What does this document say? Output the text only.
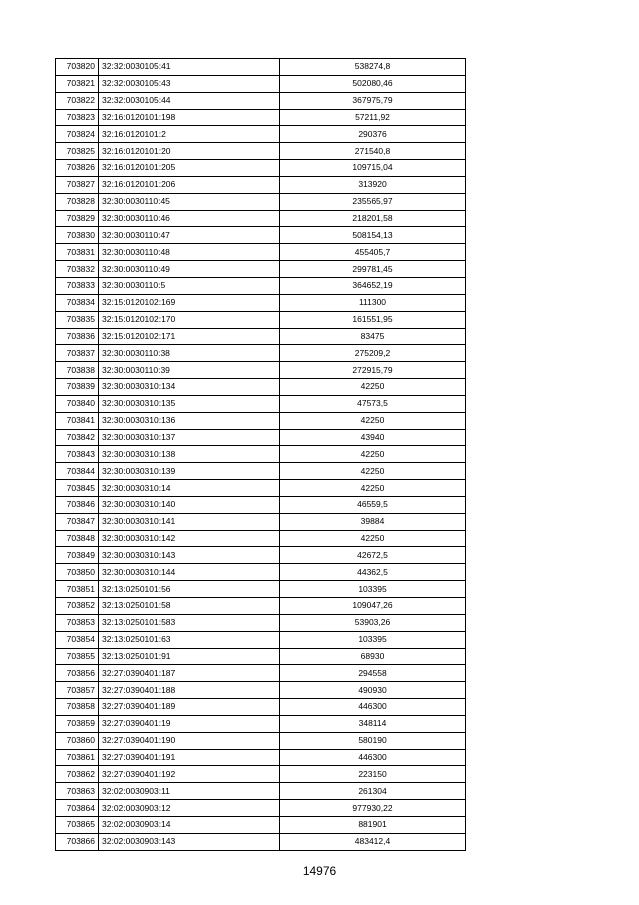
703820	32:32:0030105:41	538274,8
703821	32:32:0030105:43	502080,46
703822	32:32:0030105:44	367975,79
703823	32:16:0120101:198	57211,92
703824	32:16:0120101:2	290376
703825	32:16:0120101:20	271540,8
703826	32:16:0120101:205	109715,04
703827	32:16:0120101:206	313920
703828	32:30:0030110:45	235565,97
703829	32:30:0030110:46	218201,58
703830	32:30:0030110:47	508154,13
703831	32:30:0030110:48	455405,7
703832	32:30:0030110:49	299781,45
703833	32:30:0030110:5	364652,19
703834	32:15:0120102:169	111300
703835	32:15:0120102:170	161551,95
703836	32:15:0120102:171	83475
703837	32:30:0030110:38	275209,2
703838	32:30:0030110:39	272915,79
703839	32:30:0030310:134	42250
703840	32:30:0030310:135	47573,5
703841	32:30:0030310:136	42250
703842	32:30:0030310:137	43940
703843	32:30:0030310:138	42250
703844	32:30:0030310:139	42250
703845	32:30:0030310:14	42250
703846	32:30:0030310:140	46559,5
703847	32:30:0030310:141	39884
703848	32:30:0030310:142	42250
703849	32:30:0030310:143	42672,5
703850	32:30:0030310:144	44362,5
703851	32:13:0250101:56	103395
703852	32:13:0250101:58	109047,26
703853	32:13:0250101:583	53903,26
703854	32:13:0250101:63	103395
703855	32:13:0250101:91	68930
703856	32:27:0390401:187	294558
703857	32:27:0390401:188	490930
703858	32:27:0390401:189	446300
703859	32:27:0390401:19	348114
703860	32:27:0390401:190	580190
703861	32:27:0390401:191	446300
703862	32:27:0390401:192	223150
703863	32:02:0030903:11	261304
703864	32:02:0030903:12	977930,22
703865	32:02:0030903:14	881901
703866	32:02:0030903:143	483412,4
14976
